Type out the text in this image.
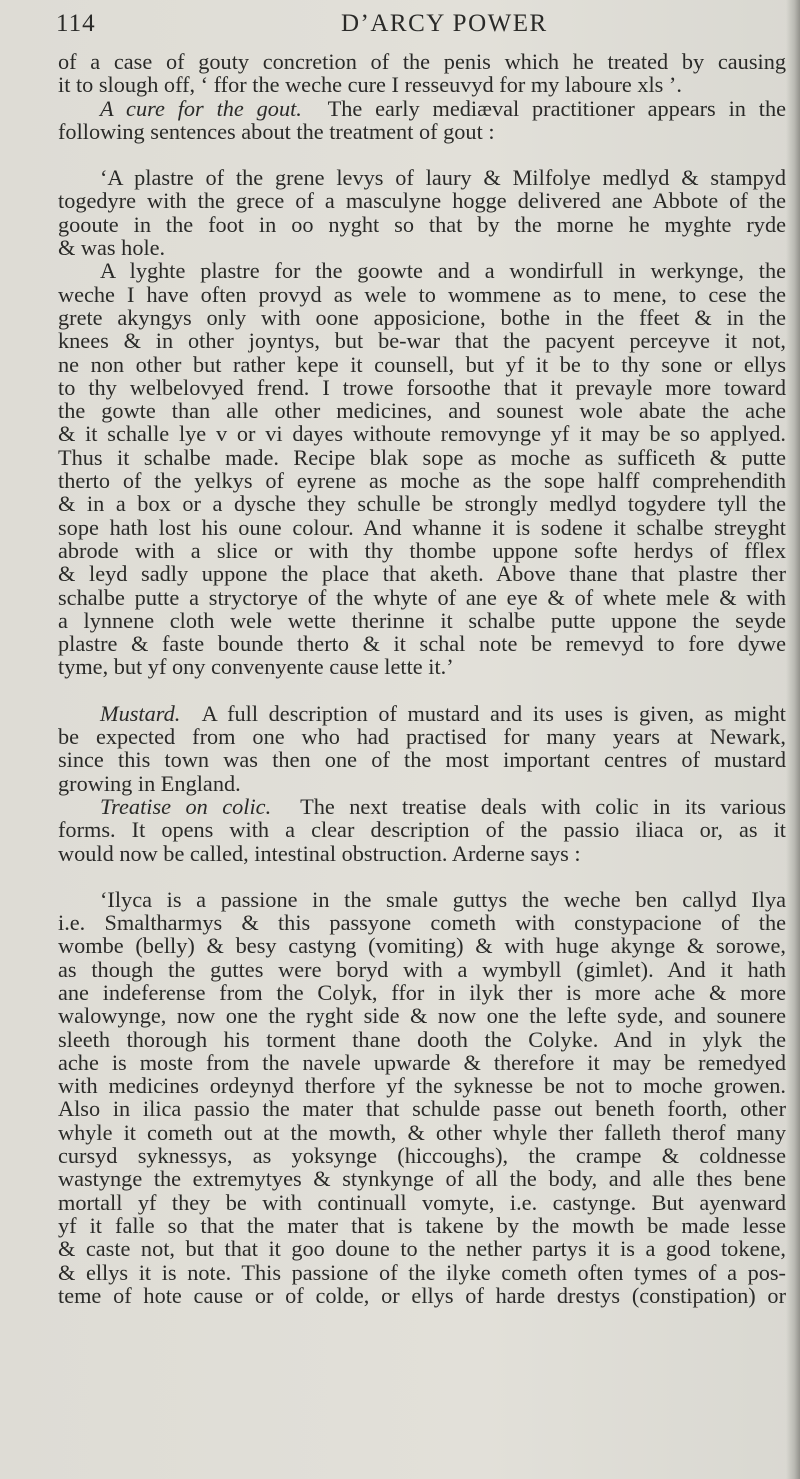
114	D’ARCY POWER
of a case of gouty concretion of the penis which he treated by causing
it to slough off, ‘ ffor the weche cure I resseuvyd for my laboure xls ’.
A cure for the gout. The early mediæval practitioner appears in the
following sentences about the treatment of gout :
‘A plastre of the grene levys of laury & Milfolye medlyd & stampyd
togedyre with the grece of a masculyne hogge delivered ane Abbote of the
gooute in the foot in oo nyght so that by the morne he myghte ryde
& was hole.
A lyghte plastre for the goowte and a wondirfull in werkynge, the
weche I have often provyd as wele to wommene as to mene, to cese the
grete akyngys only with oone apposicione, bothe in the ffeet & in the
knees & in other joyntys, but be-war that the pacyent perceyve it not,
ne non other but rather kepe it counsell, but yf it be to thy sone or ellys
to thy welbelovyed frend. I trowe forsoothe that it prevayle more toward
the gowte than alle other medicines, and sounest wole abate the ache
& it schalle lye v or vi dayes withoute removynge yf it may be so applyed.
Thus it schalbe made. Recipe blak sope as moche as sufficeth & putte
therto of the yelkys of eyrene as moche as the sope halff comprehendith
& in a box or a dysche they schulle be strongly medlyd togydere tyll the
sope hath lost his oune colour. And whanne it is sodene it schalbe streyght
abrode with a slice or with thy thombe uppone softe herdys of fflex
& leyd sadly uppone the place that aketh. Above thane that plastre ther
schalbe putte a stryctorye of the whyte of ane eye & of whete mele & with
a lynnene cloth wele wette therinne it schalbe putte uppone the seyde
plastre & faste bounde therto & it schal note be remevyd to fore dywe
tyme, but yf ony convenyente cause lette it.’
Mustard. A full description of mustard and its uses is given, as might
be expected from one who had practised for many years at Newark,
since this town was then one of the most important centres of mustard
growing in England.
Treatise on colic. The next treatise deals with colic in its various
forms. It opens with a clear description of the passio iliaca or, as it
would now be called, intestinal obstruction. Arderne says :
‘Ilyca is a passione in the smale guttys the weche ben callyd Ilya
i.e. Smaltharmys & this passyone cometh with constypacione of the
wombe (belly) & besy castyng (vomiting) & with huge akynge & sorowe,
as though the guttes were boryd with a wymbyll (gimlet). And it hath
ane indeferense from the Colyk, ffor in ilyk ther is more ache & more
walowynge, now one the ryght side & now one the lefte syde, and sounere
sleeth thorough his torment thane dooth the Colyke. And in ylyk the
ache is moste from the navele upwarde & therefore it may be remedyed
with medicines ordeynyd therfore yf the syknesse be not to moche growen.
Also in ilica passio the mater that schulde passe out beneth foorth, other
whyle it cometh out at the mowth, & other whyle ther falleth therof many
cursyd syknessys, as yoksynge (hiccoughs), the crampe & coldnesse
wastynge the extremytyes & stynkynge of all the body, and alle thes bene
mortall yf they be with continuall vomyte, i.e. castynge. But ayenward
yf it falle so that the mater that is takene by the mowth be made lesse
& caste not, but that it goo doune to the nether partys it is a good tokene,
& ellys it is note. This passione of the ilyke cometh often tymes of a pos-
teme of hote cause or of colde, or ellys of harde drestys (constipation) or
